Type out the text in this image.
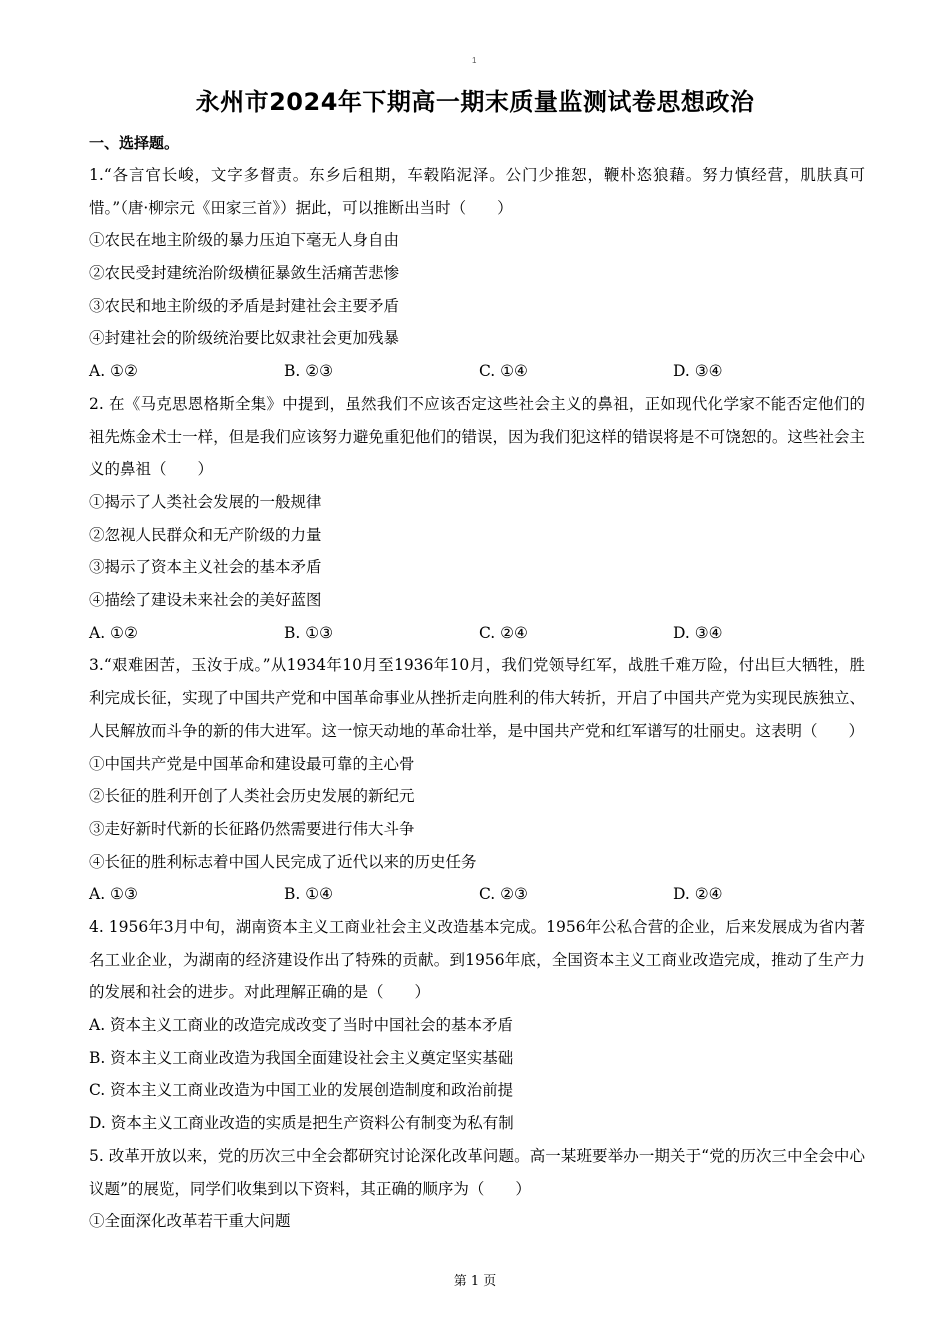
1
永州市2024年下期高一期末质量监测试卷思想政治
一、选择题。
1.“各言官长峻，文字多督责。东乡后租期，车毂陷泥泽。公门少推恕，鞭朴恣狼藉。努力慎经营，肌肤真可惜。”（唐·柳宗元《田家三首》）据此，可以推断出当时（　　）
①农民在地主阶级的暴力压迫下毫无人身自由
②农民受封建统治阶级横征暴敛生活痛苦悲惨
③农民和地主阶级的矛盾是封建社会主要矛盾
④封建社会的阶级统治要比奴隶社会更加残暴
A. ①②	B. ②③	C. ①④	D. ③④
2. 在《马克思恩格斯全集》中提到，虽然我们不应该否定这些社会主义的鼻祖，正如现代化学家不能否定他们的祖先炼金术士一样，但是我们应该努力避免重犯他们的错误，因为我们犯这样的错误将是不可饶恕的。这些社会主义的鼻祖（　　）
①揭示了人类社会发展的一般规律
②忽视人民群众和无产阶级的力量
③揭示了资本主义社会的基本矛盾
④描绘了建设未来社会的美好蓝图
A. ①②	B. ①③	C. ②④	D. ③④
3.“艰难困苦，玉汝于成。”从1934年10月至1936年10月，我们党领导红军，战胜千难万险，付出巨大牺牲，胜利完成长征，实现了中国共产党和中国革命事业从挫折走向胜利的伟大转折，开启了中国共产党为实现民族独立、人民解放而斗争的新的伟大进军。这一惊天动地的革命壮举，是中国共产党和红军谱写的壮丽史。这表明（　　）
①中国共产党是中国革命和建设最可靠的主心骨
②长征的胜利开创了人类社会历史发展的新纪元
③走好新时代新的长征路仍然需要进行伟大斗争
④长征的胜利标志着中国人民完成了近代以来的历史任务
A. ①③	B. ①④	C. ②③	D. ②④
4. 1956年3月中旬，湖南资本主义工商业社会主义改造基本完成。1956年公私合营的企业，后来发展成为省内著名工业企业，为湖南的经济建设作出了特殊的贡献。到1956年底，全国资本主义工商业改造完成，推动了生产力的发展和社会的进步。对此理解正确的是（　　）
A. 资本主义工商业的改造完成改变了当时中国社会的基本矛盾
B. 资本主义工商业改造为我国全面建设社会主义奠定坚实基础
C. 资本主义工商业改造为中国工业的发展创造制度和政治前提
D. 资本主义工商业改造的实质是把生产资料公有制变为私有制
5. 改革开放以来，党的历次三中全会都研究讨论深化改革问题。高一某班要举办一期关于“党的历次三中全会中心议题”的展览，同学们收集到以下资料，其正确的顺序为（　　）
①全面深化改革若干重大问题
第 1 页
